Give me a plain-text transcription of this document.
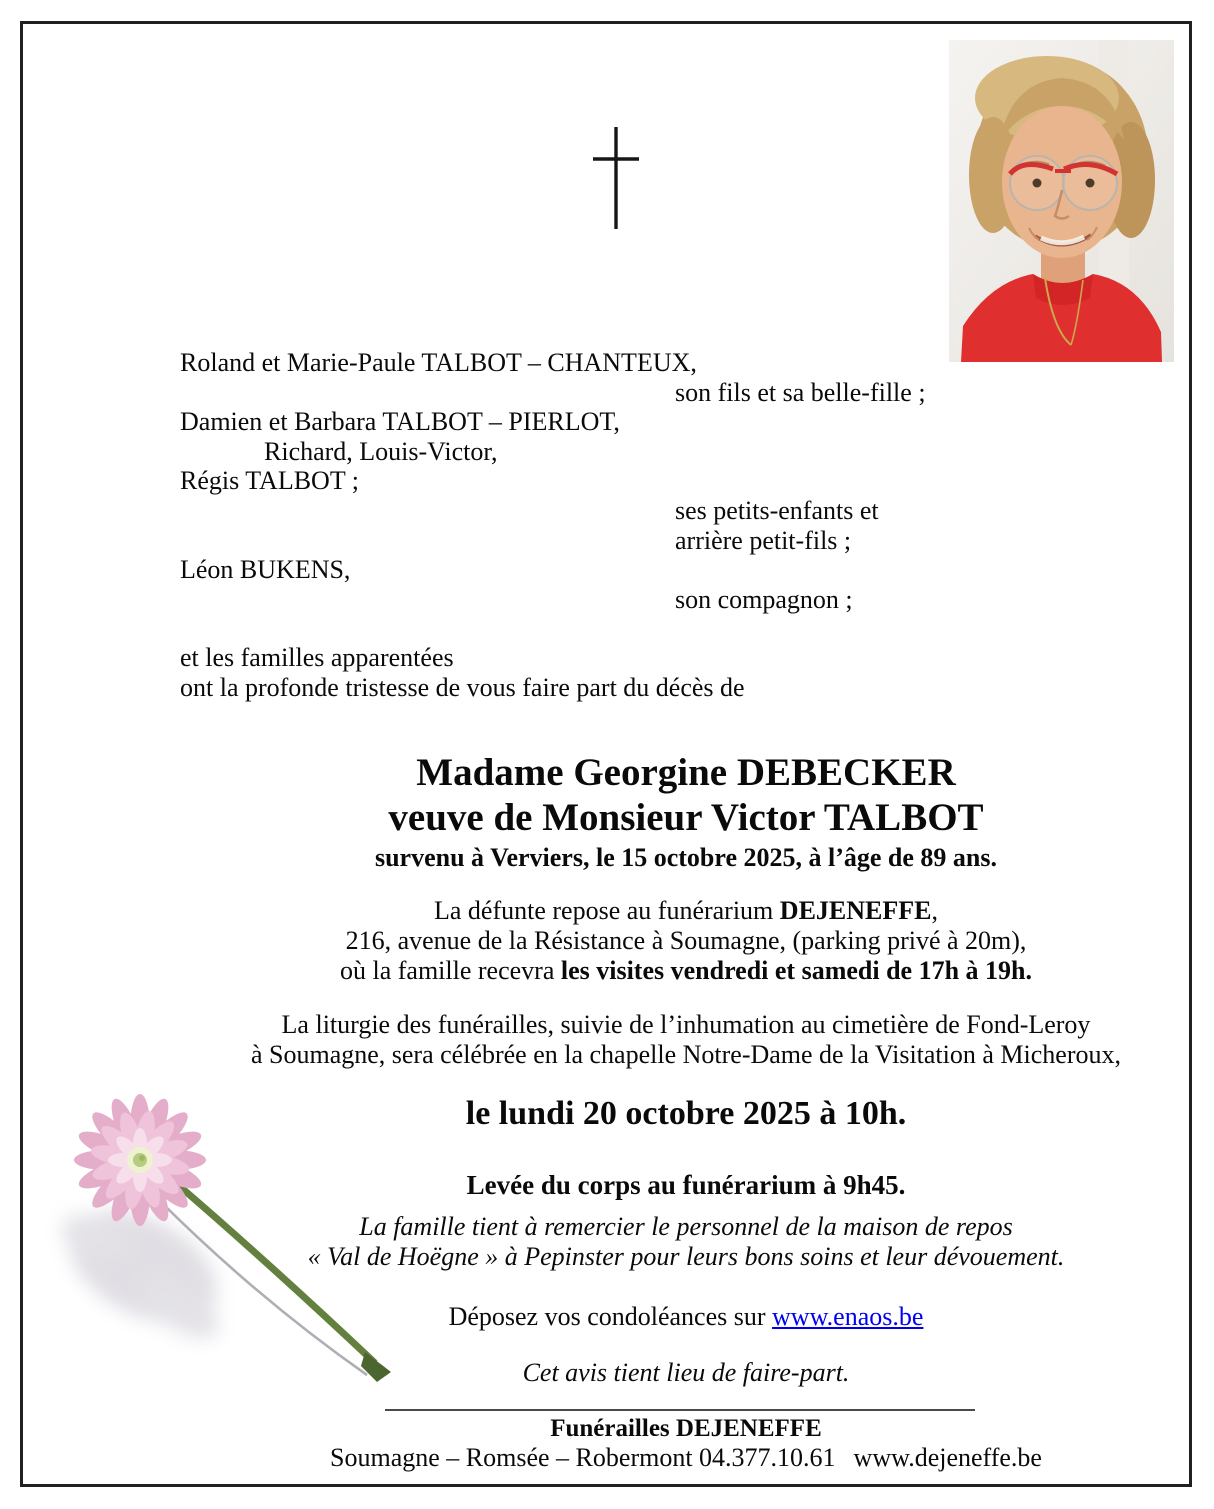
Roland et Marie-Paule TALBOT – CHANTEUX,
son fils et sa belle-fille ;
Damien et Barbara TALBOT – PIERLOT,
Richard, Louis-Victor,
Régis TALBOT ;
ses petits-enfants et
arrière petit-fils ;
Léon BUKENS,
son compagnon ;
et les familles apparentées
ont la profonde tristesse de vous faire part du décès de
Madame Georgine DEBECKER
veuve de Monsieur Victor TALBOT
survenu à Verviers, le 15 octobre 2025, à l’âge de 89 ans.
La défunte repose au funérarium DEJENEFFE,
216, avenue de la Résistance à Soumagne, (parking privé à 20m),
où la famille recevra les visites vendredi et samedi de 17h à 19h.
La liturgie des funérailles, suivie de l’inhumation au cimetière de Fond-Leroy
à Soumagne, sera célébrée en la chapelle Notre-Dame de la Visitation à Micheroux,
le lundi 20 octobre 2025 à 10h.
Levée du corps au funérarium à 9h45.
La famille tient à remercier le personnel de la maison de repos
« Val de Hoëgne » à Pepinster pour leurs bons soins et leur dévouement.
Déposez vos condoléances sur www.enaos.be
Cet avis tient lieu de faire-part.
Funérailles DEJENEFFE
Soumagne – Romsée – Robermont 04.377.10.61 www.dejeneffe.be
